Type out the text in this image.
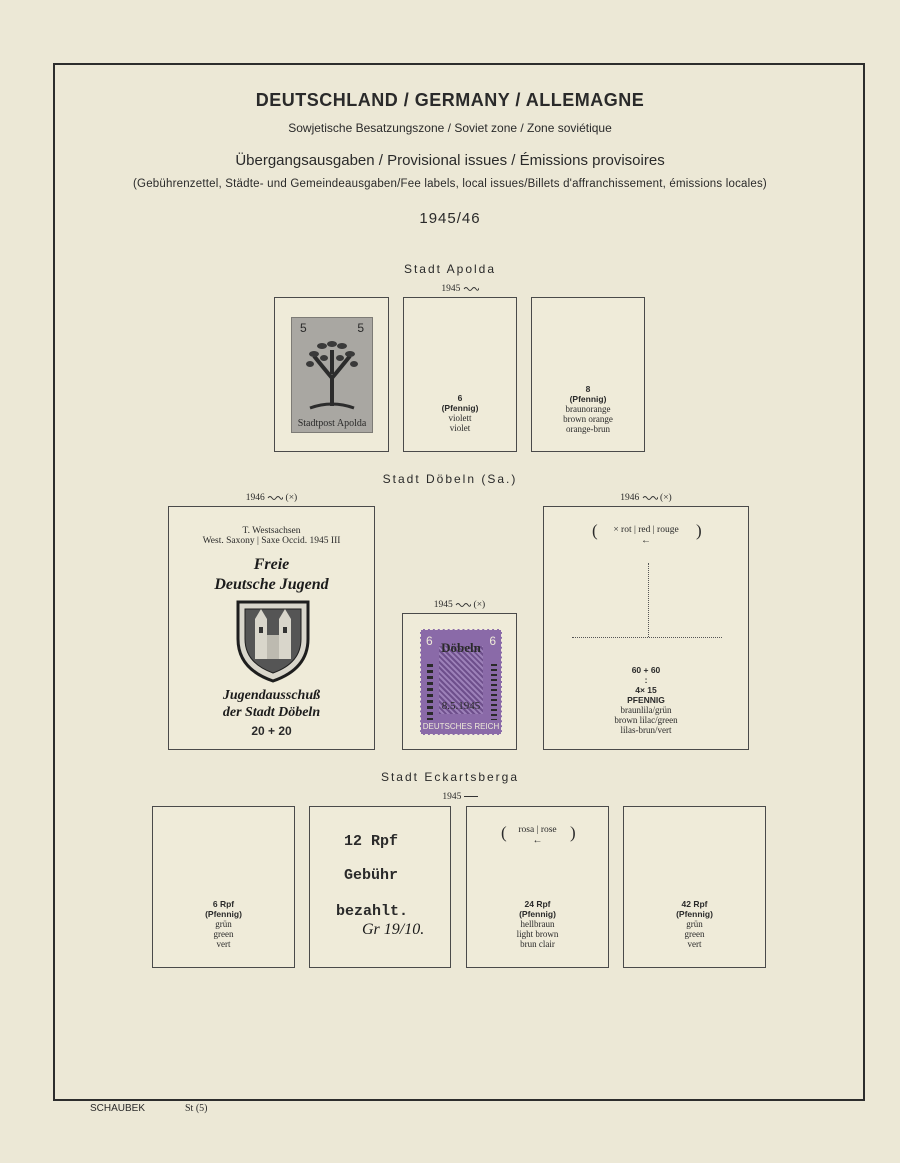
DEUTSCHLAND / GERMANY / ALLEMAGNE
Sowjetische Besatzungszone / Soviet zone / Zone soviétique
Übergangsausgaben / Provisional issues / Émissions provisoires
(Gebührenzettel, Städte- und Gemeindeausgaben/Fee labels, local issues/Billets d'affranchissement, émissions locales)
1945/46
Stadt Apolda
1945
5	5
Stadtpost Apolda
6
(Pfennig)
violett
violet
8
(Pfennig)
braunorange
brown orange
orange-brun
Stadt Döbeln (Sa.)
1946 (×)
T. Westsachsen
West. Saxony | Saxe Occid. 1945 III
Freie
Deutsche Jugend
Jugendausschuß
der Stadt Döbeln
20 + 20
1945 (×)
6	6
Döbeln
8.5.1945
DEUTSCHES REICH
1946 (×)
(	)
× rot | red | rouge
←
60 + 60
:
4× 15
PFENNIG
braunlila/grün
brown lilac/green
lilas-brun/vert
Stadt Eckartsberga
1945
6 Rpf
(Pfennig)
grün
green
vert
12 Rpf
Gebühr
bezahlt.
Gr 19/10.
(	)
rosa | rose
←
24 Rpf
(Pfennig)
hellbraun
light brown
brun clair
42 Rpf
(Pfennig)
grün
green
vert
SCHAUBEK	St (5)
